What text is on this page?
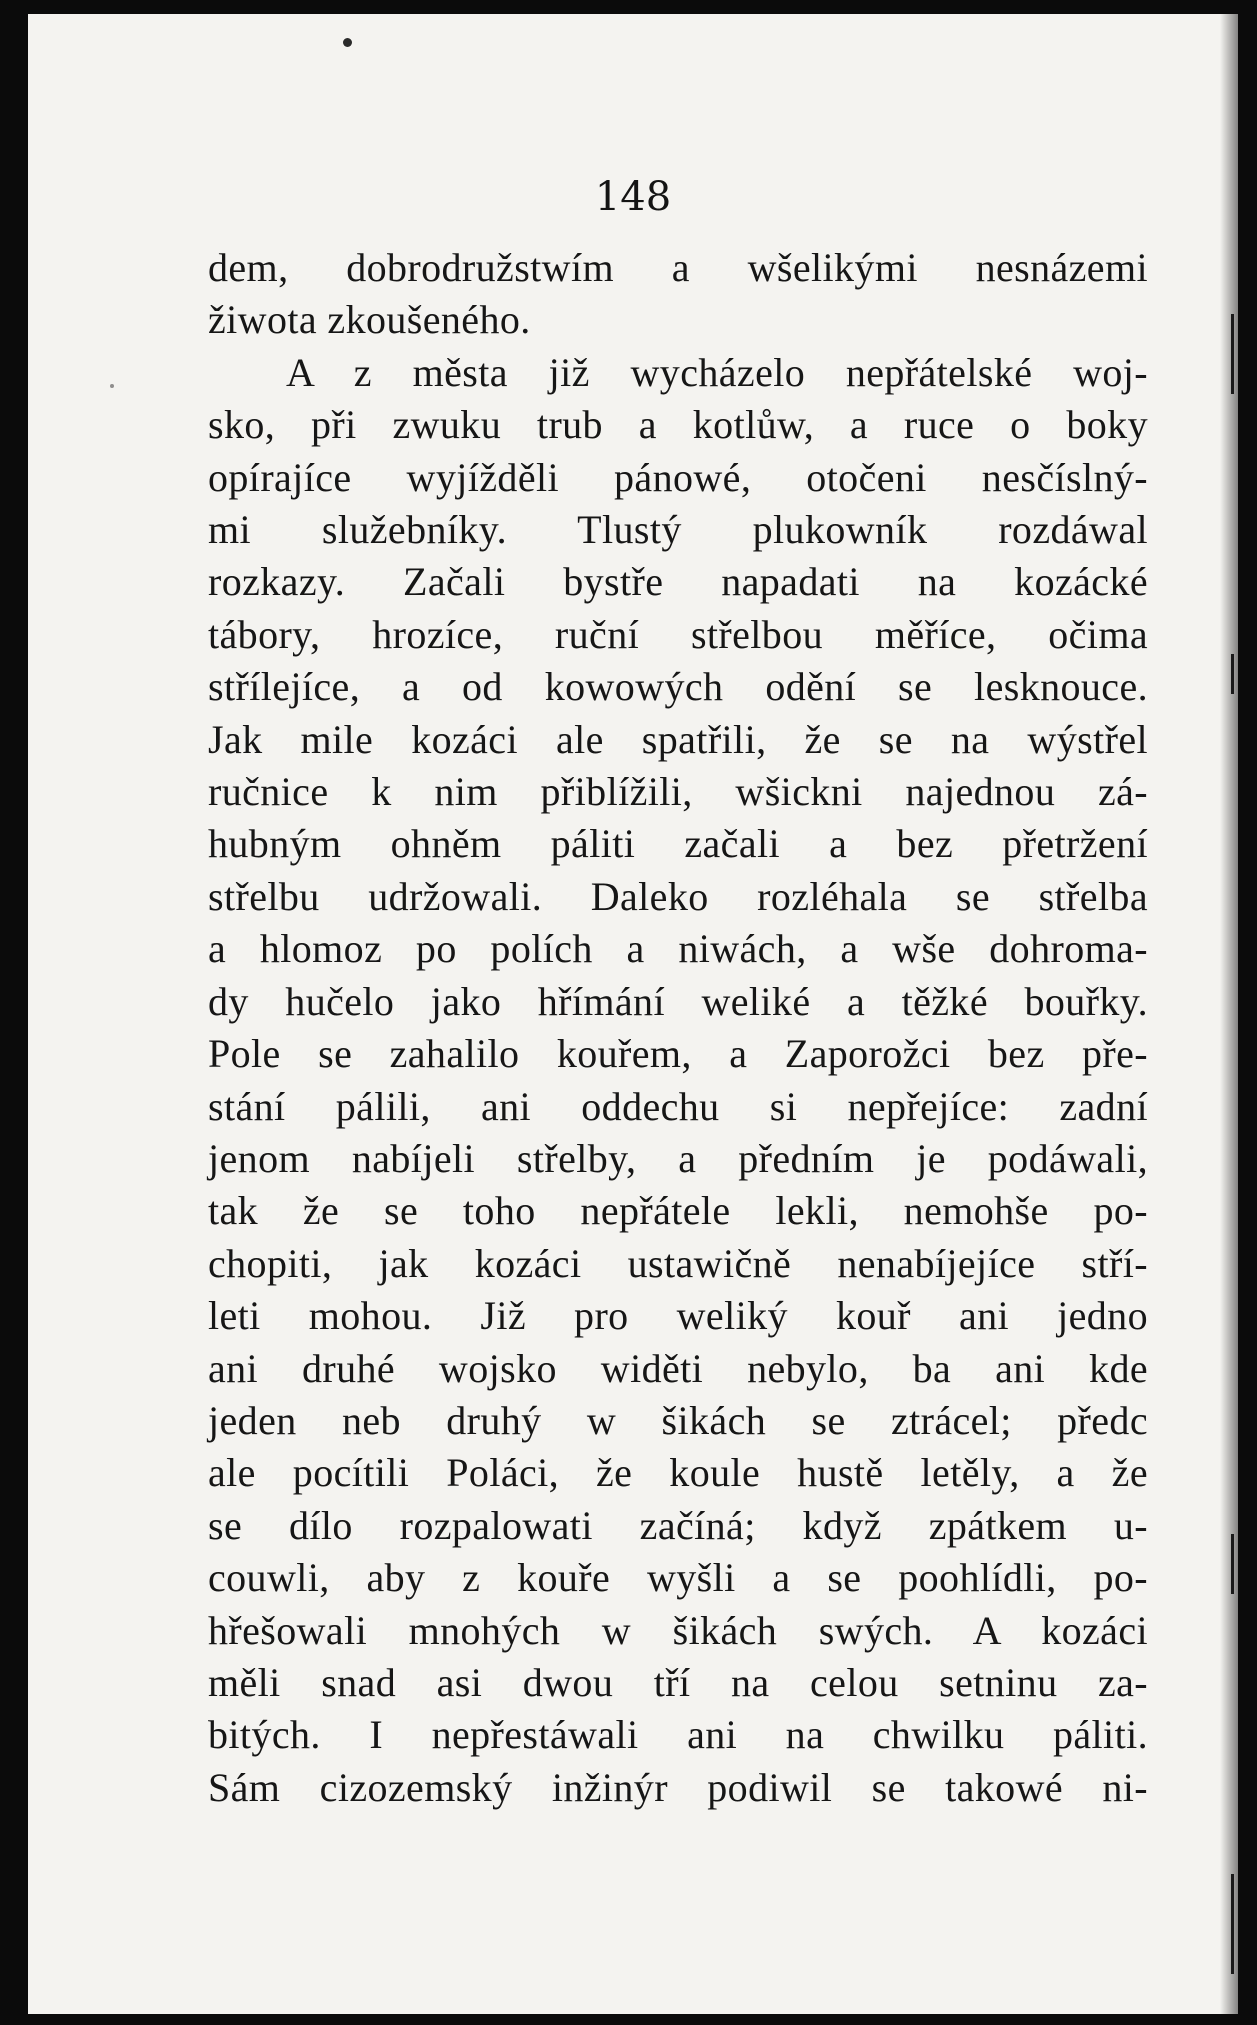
148
dem, dobrodružstwím a wšelikými nesnázemi
žiwota zkoušeného.
A z města již wycházelo nepřátelské woj-
sko, při zwuku trub a kotlůw, a ruce o boky
opírajíce wyjížděli pánowé, otočeni nesčíslný-
mi služebníky. Tlustý plukowník rozdáwal
rozkazy. Začali bystře napadati na kozácké
tábory, hrozíce, ruční střelbou měříce, očima
střílejíce, a od kowowých odění se lesknouce.
Jak mile kozáci ale spatřili, že se na wýstřel
ručnice k nim přiblížili, wšickni najednou zá-
hubným ohněm páliti začali a bez přetržení
střelbu udržowali. Daleko rozléhala se střelba
a hlomoz po polích a niwách, a wše dohroma-
dy hučelo jako hřímání weliké a těžké bouřky.
Pole se zahalilo kouřem, a Zaporožci bez pře-
stání pálili, ani oddechu si nepřejíce: zadní
jenom nabíjeli střelby, a předním je podáwali,
tak že se toho nepřátele lekli, nemohše po-
chopiti, jak kozáci ustawičně nenabíjejíce stří-
leti mohou. Již pro weliký kouř ani jedno
ani druhé wojsko widěti nebylo, ba ani kde
jeden neb druhý w šikách se ztrácel; předc
ale pocítili Poláci, že koule hustě letěly, a že
se dílo rozpalowati začíná; když zpátkem u-
couwli, aby z kouře wyšli a se poohlídli, po-
hřešowali mnohých w šikách swých. A kozáci
měli snad asi dwou tří na celou setninu za-
bitých. I nepřestáwali ani na chwilku páliti.
Sám cizozemský inžinýr podiwil se takowé ni-
